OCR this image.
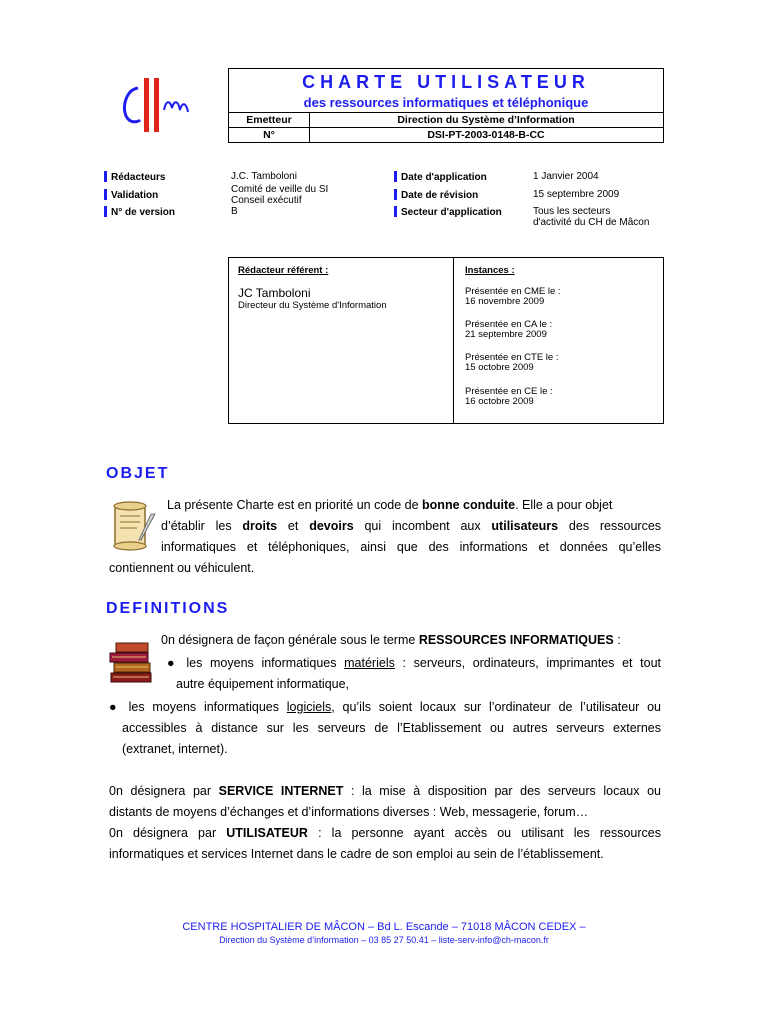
CHARTE UTILISATEUR
des ressources informatiques et téléphonique
Emetteur	Direction du Système d’Information
N°	DSI-PT-2003-0148-B-CC
Rédacteurs	J.C. Tamboloni
Validation
Comité de veille du SI
Conseil exécutif
N° de version	B
Date d'application	1 Janvier 2004
Date de révision	15 septembre 2009
Secteur d'application	Tous les secteurs
d'activité du CH de Mâcon
Rédacteur référent :
JC Tamboloni
Directeur du Système d'Information
Instances :
Présentée en CME le :
16 novembre 2009
Présentée en CA le :
21 septembre 2009
Présentée en CTE le :
15 octobre 2009
Présentée en CE le :
16 octobre 2009
OBJET
La présente Charte est en priorité un code de bonne conduite. Elle a pour objet
d’établir les droits et devoirs qui incombent aux utilisateurs des ressources
informatiques et téléphoniques, ainsi que des informations et données qu’elles
contiennent ou véhiculent.
DEFINITIONS
0n désignera de façon générale sous le terme RESSOURCES INFORMATIQUES :
● les moyens informatiques matériels : serveurs, ordinateurs, imprimantes et tout
autre équipement informatique,
● les moyens informatiques logiciels, qu’ils soient locaux sur l’ordinateur de l’utilisateur ou
accessibles à distance sur les serveurs de l’Etablissement ou autres serveurs externes
(extranet, internet).
0n désignera par SERVICE INTERNET : la mise à disposition par des serveurs locaux ou
distants de moyens d’échanges et d’informations diverses : Web, messagerie, forum…
0n désignera par UTILISATEUR : la personne ayant accès ou utilisant les ressources
informatiques et services Internet dans le cadre de son emploi au sein de l’établissement.
CENTRE HOSPITALIER DE MÂCON – Bd L. Escande – 71018 MÂCON CEDEX –
Direction du Système d’information – 03 85 27 50.41 – liste-serv-info@ch-macon.fr
